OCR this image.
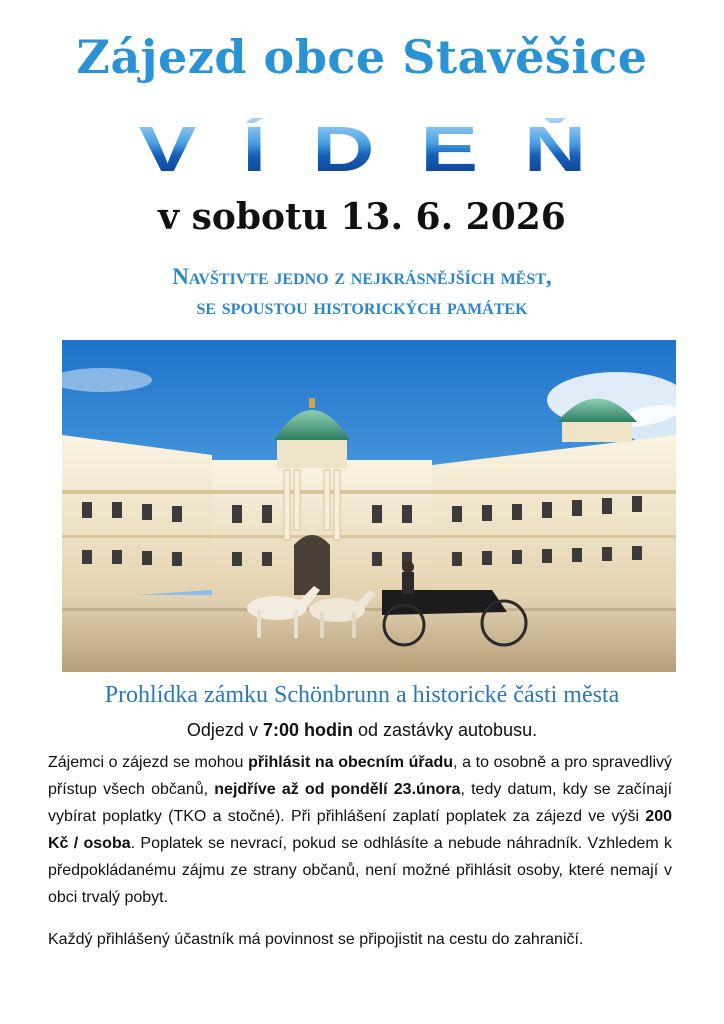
Zájezd obce Stavěšice
VÍDEŇ
v sobotu 13. 6. 2026
Navštivte jedno z nejkrásnějších měst,
se spoustou historických památek
Prohlídka zámku Schönbrunn a historické části města
Odjezd v 7:00 hodin od zastávky autobusu.
Zájemci o zájezd se mohou přihlásit na obecním úřadu, a to osobně a pro spravedlivý přístup všech občanů, nejdříve až od pondělí 23.února, tedy datum, kdy se začínají vybírat poplatky (TKO a stočné). Při přihlášení zaplatí poplatek za zájezd ve výši 200 Kč / osoba. Poplatek se nevrací, pokud se odhlásíte a nebude náhradník. Vzhledem k předpokládanému zájmu ze strany občanů, není možné přihlásit osoby, které nemají v obci trvalý pobyt.
Každý přihlášený účastník má povinnost se připojistit na cestu do zahraničí.
